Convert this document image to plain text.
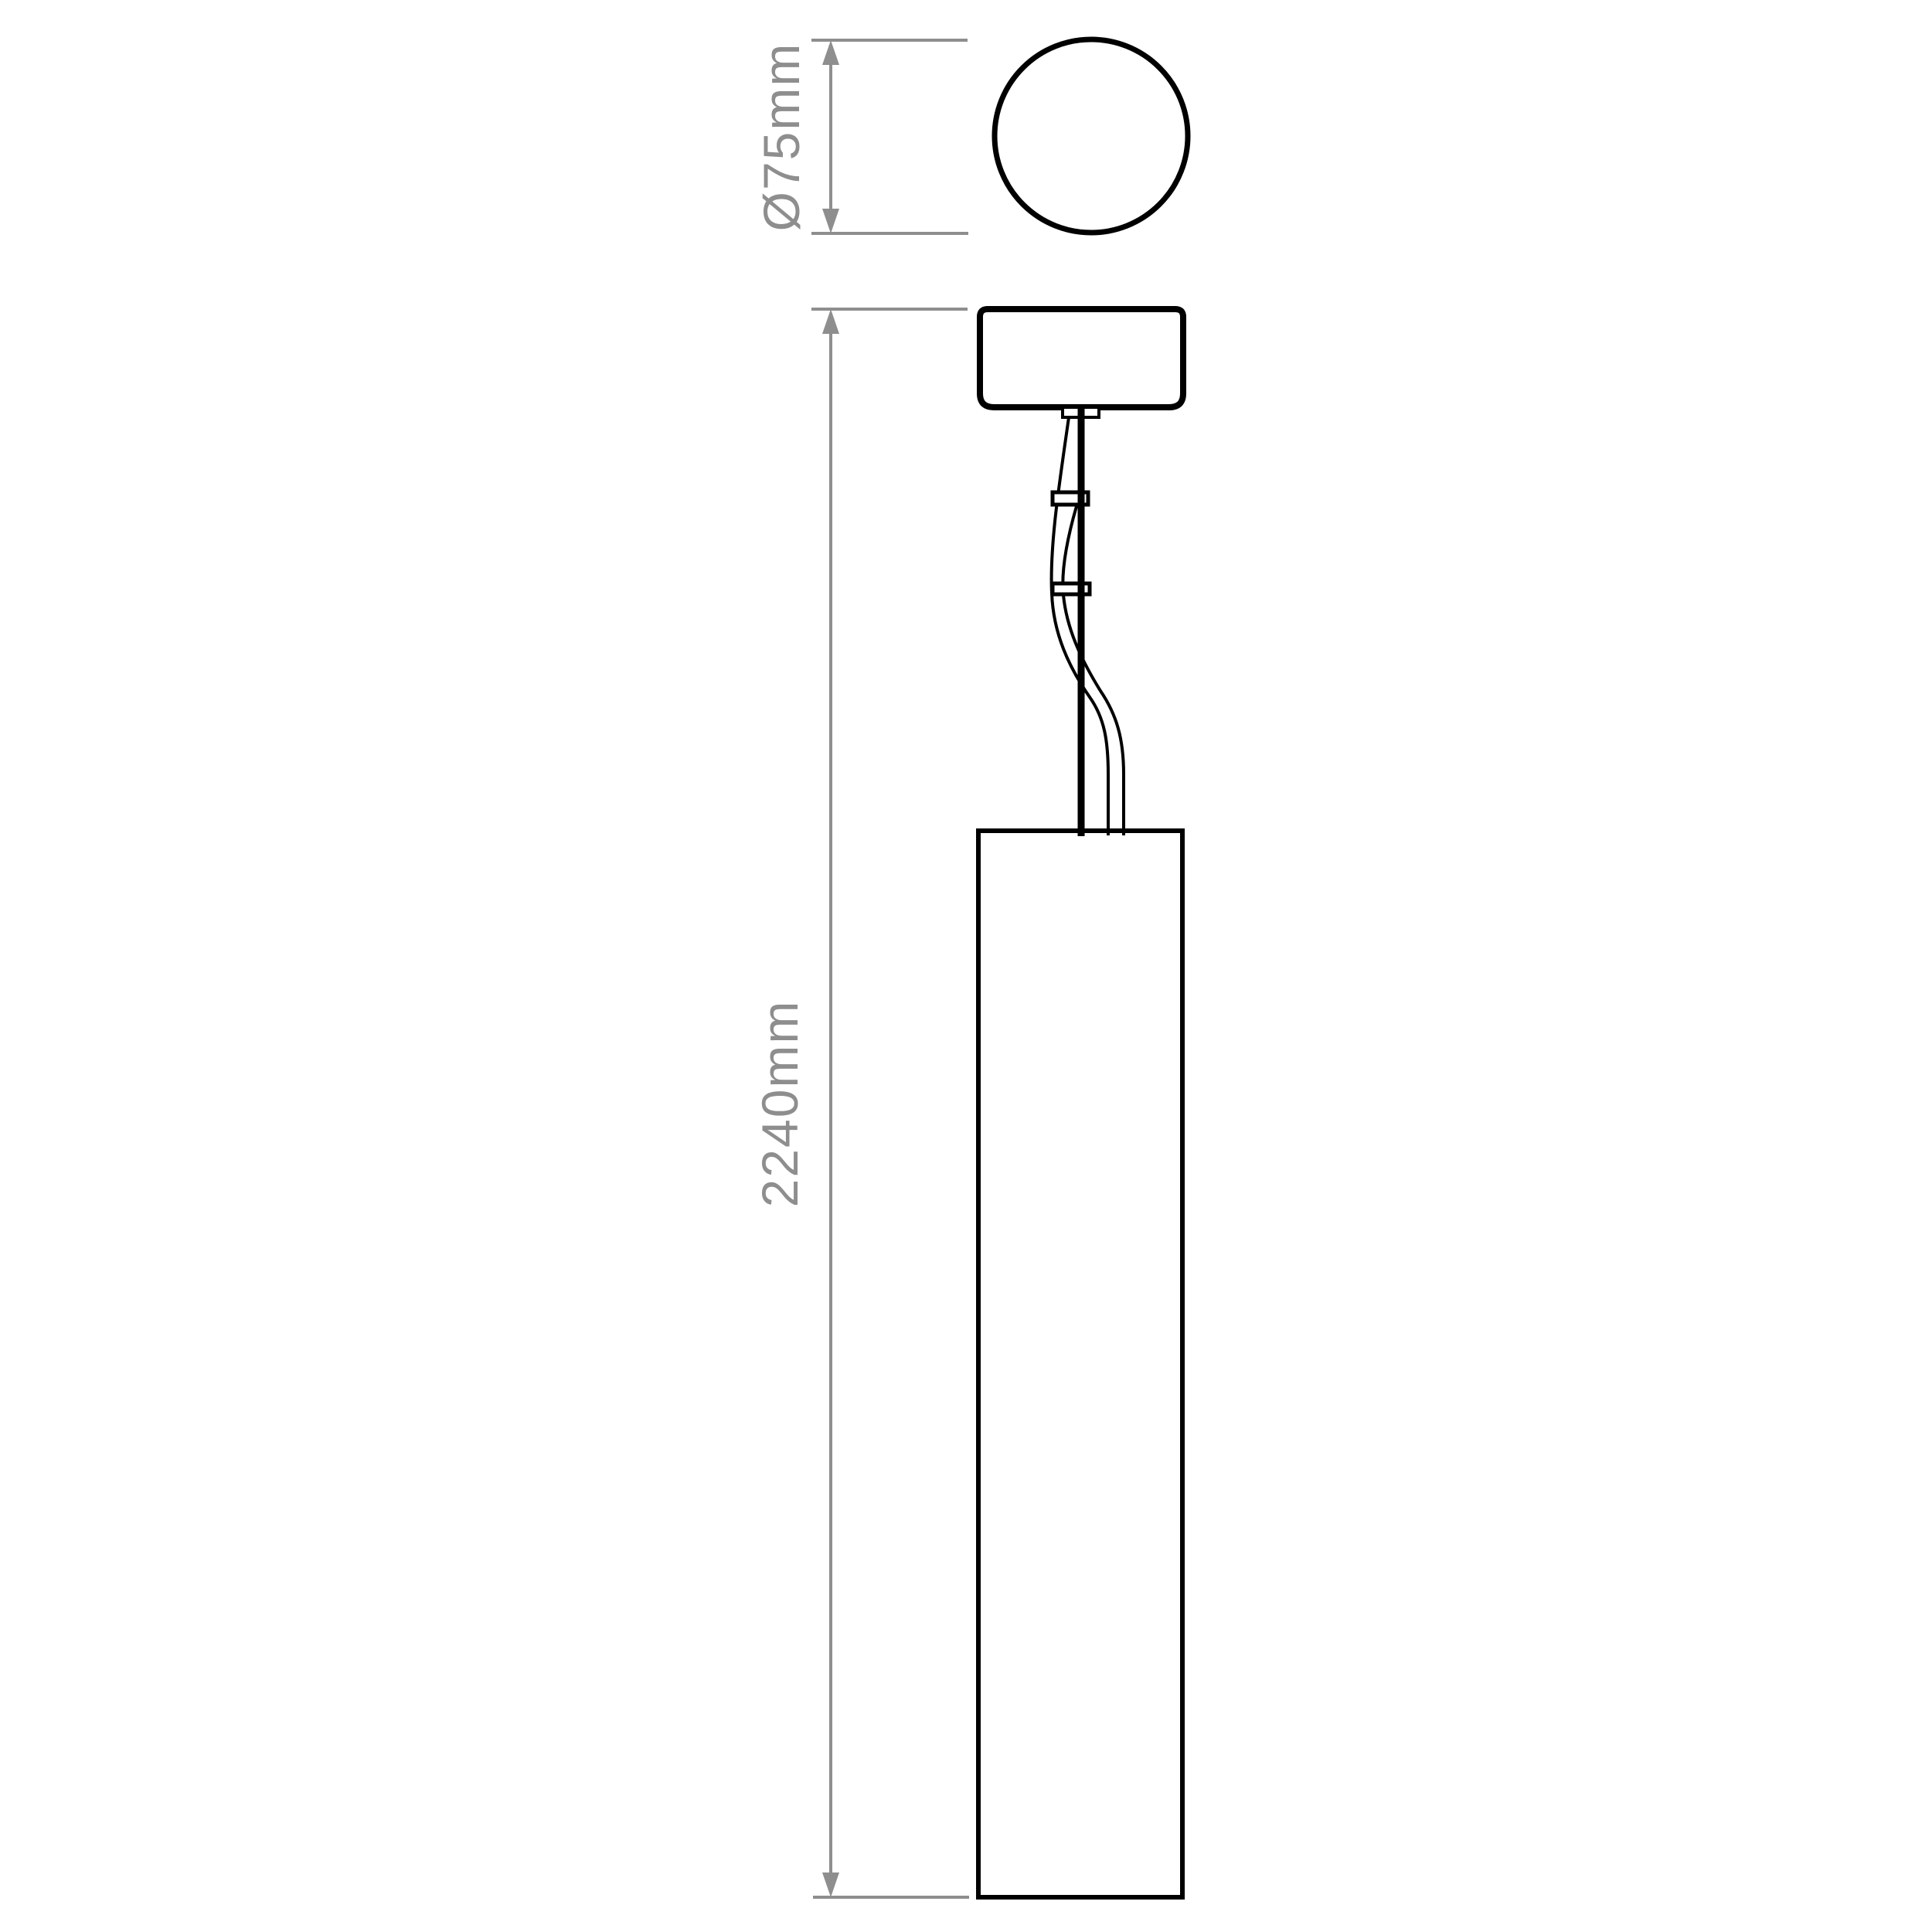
Ø75mm
2240mm
